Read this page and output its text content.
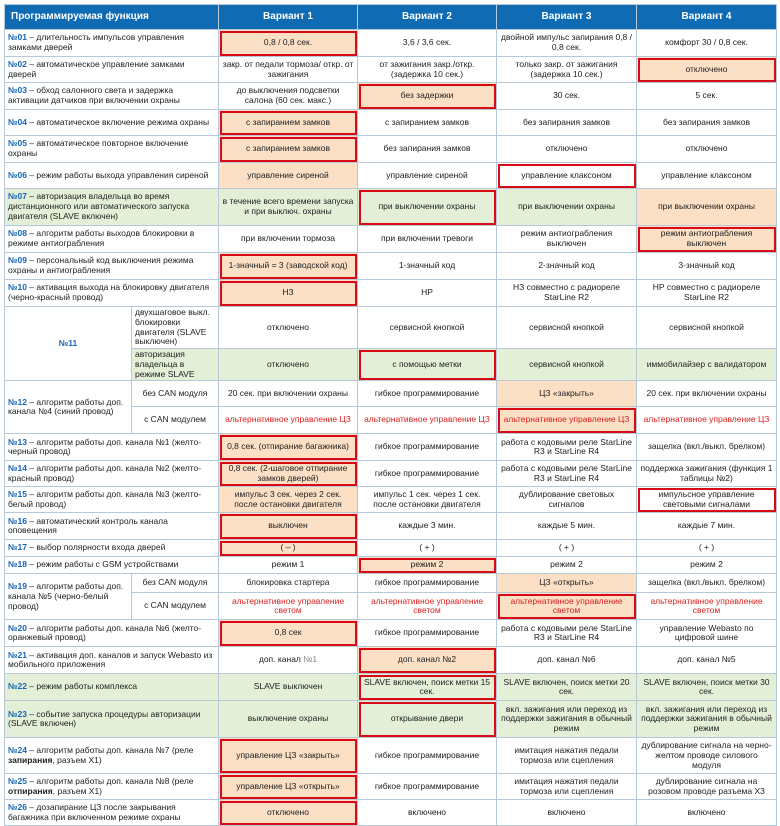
Программируемая функция		Вариант 1	Вариант 2	Вариант 3	Вариант 4
№01 – длительность импульсов управления замками дверей		0,8 / 0,8 сек.	3,6 / 3,6 сек.	двойной импульс запирания 0,8 / 0,8 сек.	комфорт 30 / 0,8 сек.
№02 – автоматическое управление замками дверей		закр. от педали тормоза/ откр. от зажигания	от зажигания закр./откр. (задержка 10 сек.)	только закр. от зажигания (задержка 10 сек.)	отключено
№03 – обход салонного света и задержка активации датчиков при включении охраны		до выключения подсветки салона (60 сек. макс.)	без задержки	30 сек.	5 сек.
№04 – автоматическое включение режима охраны		с запиранием замков	с запиранием замков	без запирания замков	без запирания замков
№05 – автоматическое повторное включение охраны		с запиранием замков	без запирания замков	отключено	отключено
№06 – режим работы выхода управления сиреной		управление сиреной	управление сиреной	управление клаксоном	управление клаксоном
№07 – авторизация владельца во время дистанционного или автоматического запуска двигателя (SLAVE включен)		в течение всего времени запуска и при выключ. охраны	при выключении охраны	при выключении охраны	при выключении охраны
№08 – алгоритм работы выходов блокировки в режиме антиограбления		при включении тормоза	при включении тревоги	режим антиограбления выключен	режим антиограбления выключен
№09 – персональный код выключения режима охраны и антиограбления		1-значный = 3 (заводской код)	1-значный код	2-значный код	3-значный код
№10 – активация выхода на блокировку двигателя (черно-красный провод)		НЗ	НР	НЗ совместно с радиореле StarLine R2	НР совместно с радиореле StarLine R2
№11	двухшаговое выкл. блокировки двигателя (SLAVE выключен)	отключено	сервисной кнопкой	сервисной кнопкой	сервисной кнопкой
	авторизация владельца в режиме SLAVE	отключено	с помощью метки	сервисной кнопкой	иммобилайзер с валидатором
№12 – алгоритм работы доп. канала №4 (синий провод)	без CAN модуля	20 сек. при включении охраны	гибкое программирование	ЦЗ «закрыть»	20 сек. при включении охраны
	с CAN модулем	альтернативное управление ЦЗ	альтернативное управление ЦЗ	альтернативное управление ЦЗ	альтернативное управление ЦЗ
№13 – алгоритм работы доп. канала №1 (желто-черный провод)		0,8 сек. (отпирание багажника)	гибкое программирование	работа с кодовыми реле StarLine R3 и StarLine R4	защелка (вкл./выкл. брелком)
№14 – алгоритм работы доп. канала №2 (желто-красный провод)		0,8 сек. (2-шаговое отпирание замков дверей)	гибкое программирование	работа с кодовыми реле StarLine R3 и StarLine R4	поддержка зажигания (функция 1 таблицы №2)
№15 – алгоритм работы доп. канала №3 (желто-белый провод)		импульс 3 сек. через 2 сек. после остановки двигателя	импульс 1 сек. через 1 сек. после остановки двигателя	дублирование световых сигналов	импульсное управление световыми сигналами
№16 – автоматический контроль канала оповещения		выключен	каждые 3 мин.	каждые 5 мин.	каждые 7 мин.
№17 – выбор полярности входа дверей		( – )	( + )	( + )	( + )
№18 – режим работы с GSM устройствами		режим 1	режим 2	режим 2	режим 2
№19 – алгоритм работы доп. канала №5 (черно-белый провод)	без CAN модуля	блокировка стартера	гибкое программирование	ЦЗ «открыть»	защелка (вкл./выкл. брелком)
	с CAN модулем	альтернативное управление светом	альтернативное управление светом	альтернативное управление светом	альтернативное управление светом
№20 – алгоритм работы доп. канала №6 (желто-оранжевый провод)		0,8 сек	гибкое программирование	работа с кодовыми реле StarLine R3 и StarLine R4	управление Webasto по цифровой шине
№21 – активация доп. каналов и запуск Webasto из мобильного приложения		доп. канал №1	доп. канал №2	доп. канал №6	доп. канал №5
№22 – режим работы комплекса		SLAVE выключен	SLAVE включен, поиск метки 15 сек.	SLAVE включен, поиск метки 20 сек.	SLAVE включен, поиск метки 30 сек.
№23 – событие запуска процедуры авторизации (SLAVE включен)		выключение охраны	открывание двери	вкл. зажигания или переход из поддержки зажигания в обычный режим	вкл. зажигания или переход из поддержки зажигания в обычный режим
№24 – алгоритм работы доп. канала №7 (реле запирания, разъем X1)		управление ЦЗ «закрыть»	гибкое программирование	имитация нажатия педали тормоза или сцепления	дублирование сигнала на черно-желтом проводе силового модуля
№25 – алгоритм работы доп. канала №8 (реле отпирания, разъем X1)		управление ЦЗ «открыть»	гибкое программирование	имитация нажатия педали тормоза или сцепления	дублирование сигнала на розовом проводе разъема X3
№26 – дозапирание ЦЗ после закрывания багажника при включенном режиме охраны		отключено	включено	включено	включено
